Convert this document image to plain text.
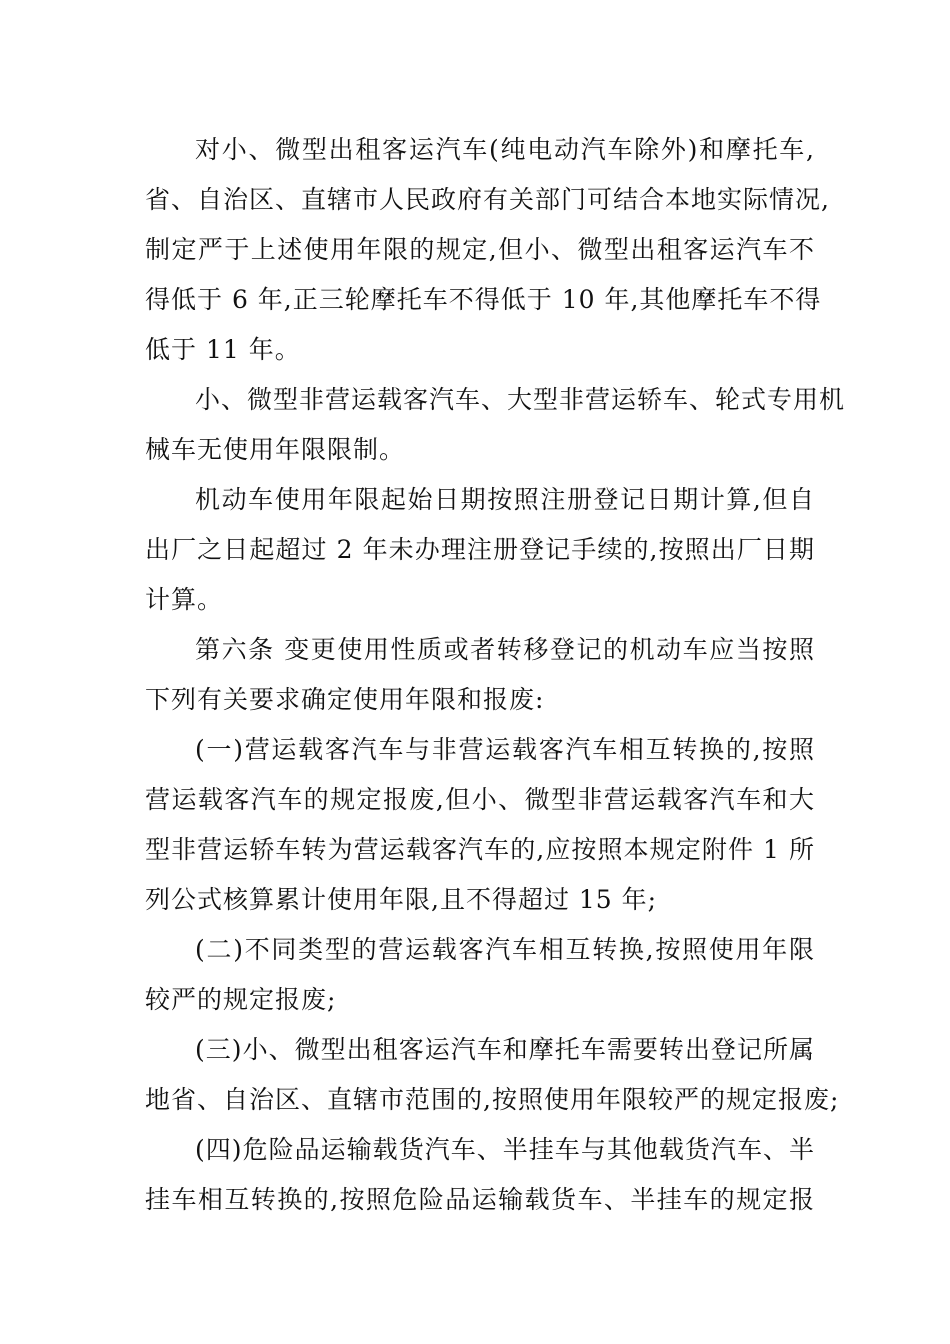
对小、微型出租客运汽车(纯电动汽车除外)和摩托车,
省、自治区、直辖市人民政府有关部门可结合本地实际情况,
制定严于上述使用年限的规定,但小、微型出租客运汽车不
得低于 6 年,正三轮摩托车不得低于 10 年,其他摩托车不得
低于 11 年。
小、微型非营运载客汽车、大型非营运轿车、轮式专用机
械车无使用年限限制。
机动车使用年限起始日期按照注册登记日期计算,但自
出厂之日起超过 2 年未办理注册登记手续的,按照出厂日期
计算。
第六条 变更使用性质或者转移登记的机动车应当按照
下列有关要求确定使用年限和报废:
(一)营运载客汽车与非营运载客汽车相互转换的,按照
营运载客汽车的规定报废,但小、微型非营运载客汽车和大
型非营运轿车转为营运载客汽车的,应按照本规定附件 1 所
列公式核算累计使用年限,且不得超过 15 年;
(二)不同类型的营运载客汽车相互转换,按照使用年限
较严的规定报废;
(三)小、微型出租客运汽车和摩托车需要转出登记所属
地省、自治区、直辖市范围的,按照使用年限较严的规定报废;
(四)危险品运输载货汽车、半挂车与其他载货汽车、半
挂车相互转换的,按照危险品运输载货车、半挂车的规定报
